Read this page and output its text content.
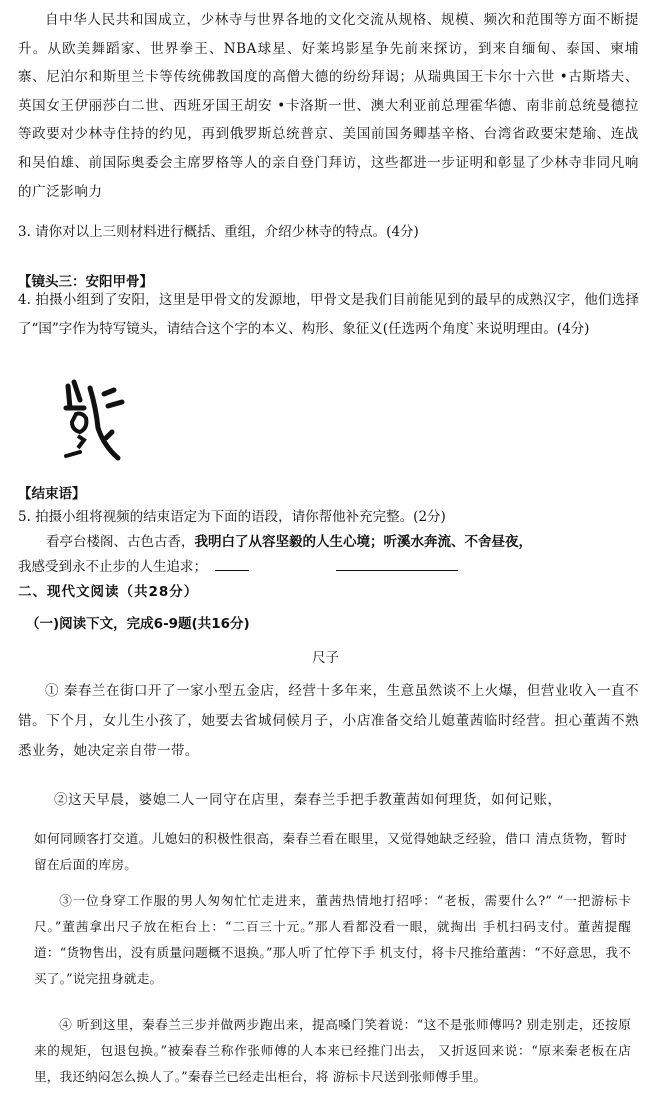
自中华人民共和国成立，少林寺与世界各地的文化交流从规格、规模、频次和范围等方面不断提升。从欧美舞蹈家、世界拳王、NBA球星、好莱坞影星争先前来探访，到来自缅甸、泰国、柬埔寨、尼泊尔和斯里兰卡等传统佛教国度的高僧大德的纷纷拜谒；从瑞典国王卡尔十六世 •古斯塔夫、英国女王伊丽莎白二世、西班牙国王胡安 •卡洛斯一世、澳大利亚前总理霍华德、南非前总统曼德拉等政要对少林寺住持的约见，再到俄罗斯总统普京、美国前国务卿基辛格、台湾省政要宋楚瑜、连战和吴伯雄、前国际奥委会主席罗格等人的亲自登门拜访，这些都进一步证明和彰显了少林寺非同凡响的广泛影响力
3. 请你对以上三则材料进行概括、重组，介绍少林寺的特点。(4分)
【镜头三：安阳甲骨】
4. 拍摄小组到了安阳，这里是甲骨文的发源地，甲骨文是我们目前能见到的最早的成熟汉字，他们选择了“国”字作为特写镜头，请结合这个字的本义、构形、象征义(任选两个角度`来说明理由。(4分)
【结束语】
5. 拍摄小组将视频的结束语定为下面的语段，请你帮他补充完整。(2分)
看亭台楼阁、古色古香，我明白了从容坚毅的人生心境；听溪水奔流、不舍昼夜，
我感受到永不止步的人生追求；
二、现代文阅读（共28分）
（一)阅读下文，完成6-9题(共16分)
尺子
① 秦春兰在街口开了一家小型五金店，经营十多年来，生意虽然谈不上火爆，但营业收入一直不错。下个月，女儿生小孩了，她要去省城伺候月子，小店准备交给儿媳董茜临时经营。担心董茜不熟悉业务，她决定亲自带一带。
②这天早晨，婆媳二人一同守在店里，秦春兰手把手教董茜如何理货，如何记账，
如何同顾客打交道。儿媳妇的积极性很高，秦春兰看在眼里，又觉得她缺乏经验，借口 清点货物，暂时留在后面的库房。
③一位身穿工作服的男人匆匆忙忙走进来，董茜热情地打招呼：“老板，需要什么?” “一把游标卡尺。”董茜拿出尺子放在柜台上：“二百三十元。”那人看都没看一眼，就掏出 手机扫码支付。董茜提醒道：“货物售出，没有质量问题概不退换。”那人听了忙停下手 机支付，将卡尺推给董茜：“不好意思，我不买了。”说完扭身就走。
④ 听到这里，秦春兰三步并做两步跑出来，提高嗓门笑着说：“这不是张师傅吗? 别走别走，还按原来的规矩，包退包换。”被秦春兰称作张师傅的人本来已经推门出去， 又折返回来说：“原来秦老板在店里，我还纳闷怎么换人了。”秦春兰已经走出柜台，将 游标卡尺送到张师傅手里。
